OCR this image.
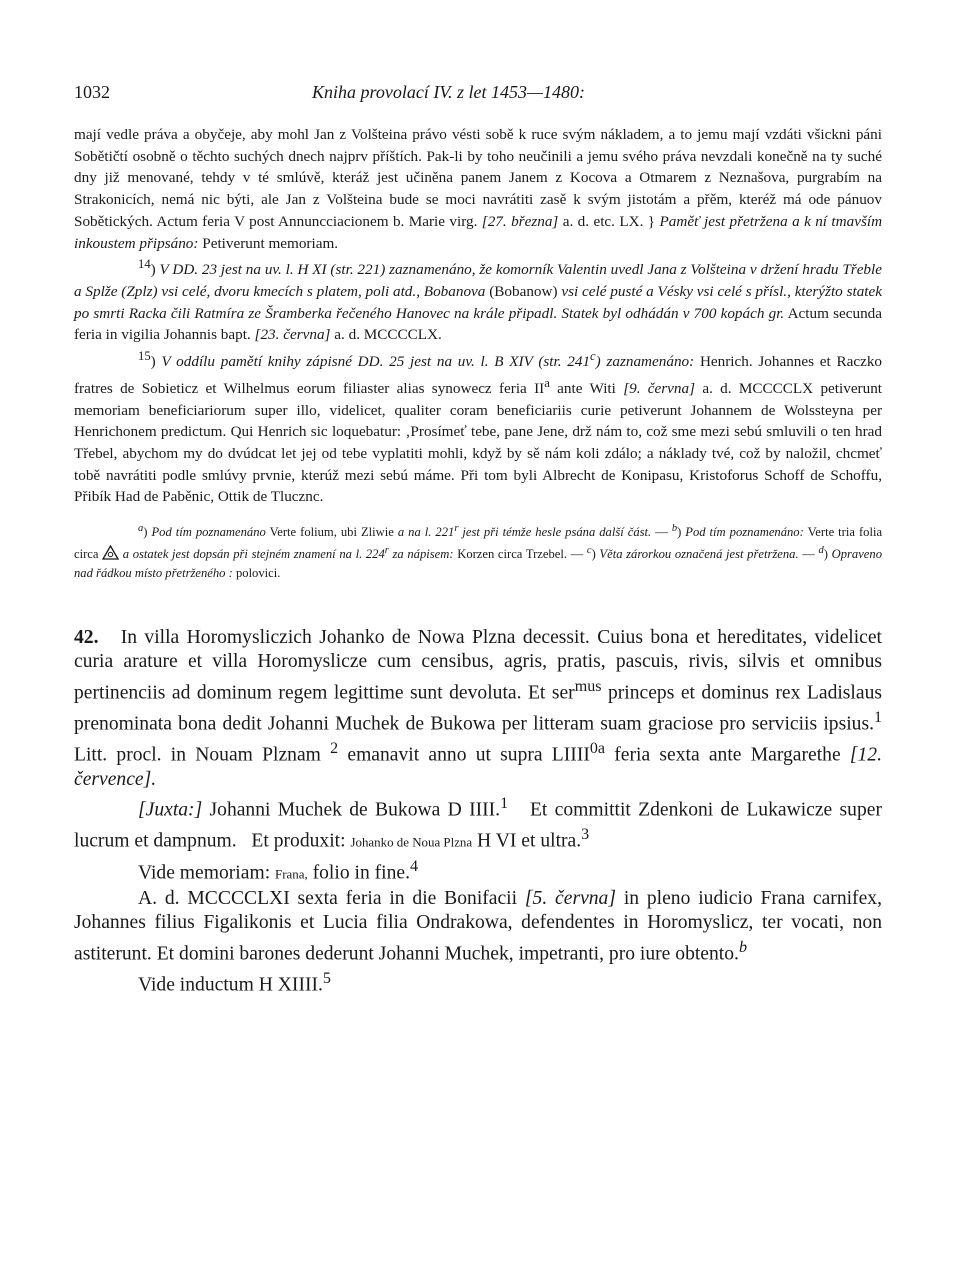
1032	Kniha provolací IV. z let 1453—1480:

mají vedle práva a obyčeje, aby mohl Jan z Volšteina právo vésti sobě k ruce svým nákladem, a to jemu mají vzdáti všickni páni Sobětičtí osobně o těchto suchých dnech najprv příštích. Pak-li by toho neučinili a jemu svého práva nevzdali konečně na ty suché dny již menované, tehdy v té smlúvě, kteráž jest učiněna panem Janem z Kocova a Otmarem z Neznašova, purgrabím na Strakonicích, nemá nic býti, ale Jan z Volšteina bude se moci navrátiti zasě k svým jistotám a přěm, kteréž má ode pánuov Sobětických. Actum feria V post Annuncciacionem b. Marie virg. [27. března] a. d. etc. LX. } Paměť jest přetržena a k ní tmavším inkoustem připsáno: Petiverunt memoriam.

$^{14}$) V DD. 23 jest na uv. l. H XI (str. 221) zaznamenáno, že komorník Valentin uvedl Jana z Volšteina v držení hradu Třeble a Splže (Zplz) vsi celé, dvoru kmecích s platem, poli atd., Bobanova (Bobanow) vsi celé pusté a Vésky vsi celé s přísl., kterýžto statek po smrti Racka čili Ratmíra ze Šramberka řečeného Hanovec na krále připadl. Statek byl odhádán v 700 kopách gr. Actum secunda feria in vigilia Johannis bapt. [23. června] a. d. MCCCCLX.

$^{15}$) V oddílu pamětí knihy zápisné DD. 25 jest na uv. l. B XIV (str. 241$^c$) zaznamenáno: Henrich. Johannes et Raczko fratres de Sobieticz et Wilhelmus eorum filiaster alias synowecz feria $II^a$ ante Witi [9. června] a. d. MCCCCLX petiverunt memoriam beneficiariorum super illo, videlicet, qualiter coram beneficiariis curie petiverunt Johannem de Wolssteyna per Henrichonem predictum. Qui Henrich sic loquebatur: ‚Prosímeť tebe, pane Jene, drž nám to, což sme mezi sebú smluvili o ten hrad Třebel, abychom my do dvúdcat let jej od tebe vyplatiti mohli, když by sě nám koli zdálo; a náklady tvé, což by naložil, chcmeť tobě navrátiti podle smlúvy prvnie, kterúž mezi sebú máme. Při tom byli Albrecht de Konipasu, Kristoforus Schoff de Schoffu, Přibík Had de Paběnic, Ottik de Tlucznc.

$^a$) Pod tím poznamenáno Verte folium, ubi Zliwie a na l. 221$^r$ jest při témže hesle psána další část. — $^b$) Pod tím poznamenáno: Verte tria folia circa a ostatek jest dopsán při stejném znamení na l. 224$^r$ za nápisem: Korzen circa Trzebel. — $^c$) Věta zárorkou označená jest přetržena. — $^d$) Opraveno nad řádkou místo přetrženého : polovici.

42. In villa Horomysliczich Johanko de Nowa Plzna decessit. Cuius bona et hereditates, videlicet curia arature et villa Horomyslicze cum censibus, agris, pratis, pascuis, rivis, silvis et omnibus pertinenciis ad dominum regem legittime sunt devoluta. Et ser$^{mus}$ princeps et dominus rex Ladislaus prenominata bona dedit Johanni Muchek de Bukowa per litteram suam graciose pro serviciis ipsius.$^1$ Litt. procl. in Nouam Plznam $^2$ emanavit anno ut supra $LIIII^{0a}$ feria sexta ante Margarethe [12. července].

[Juxta:] Johanni Muchek de Bukowa D IIII.$^1$ Et committit Zdenkoni de Lukawicze super lucrum et dampnum. Et produxit: Johanko de Noua Plzna H VI et ultra.$^3$

Vide memoriam: Frana, folio in fine.$^4$

A. d. MCCCCLXI sexta feria in die Bonifacii [5. června] in pleno iudicio Frana carnifex, Johannes filius Figalikonis et Lucia filia Ondrakowa, defendentes in Horomyslicz, ter vocati, non astiterunt. Et domini barones dederunt Johanni Muchek, impetranti, pro iure obtento.$^b$

Vide inductum H XIIII.$^5$
